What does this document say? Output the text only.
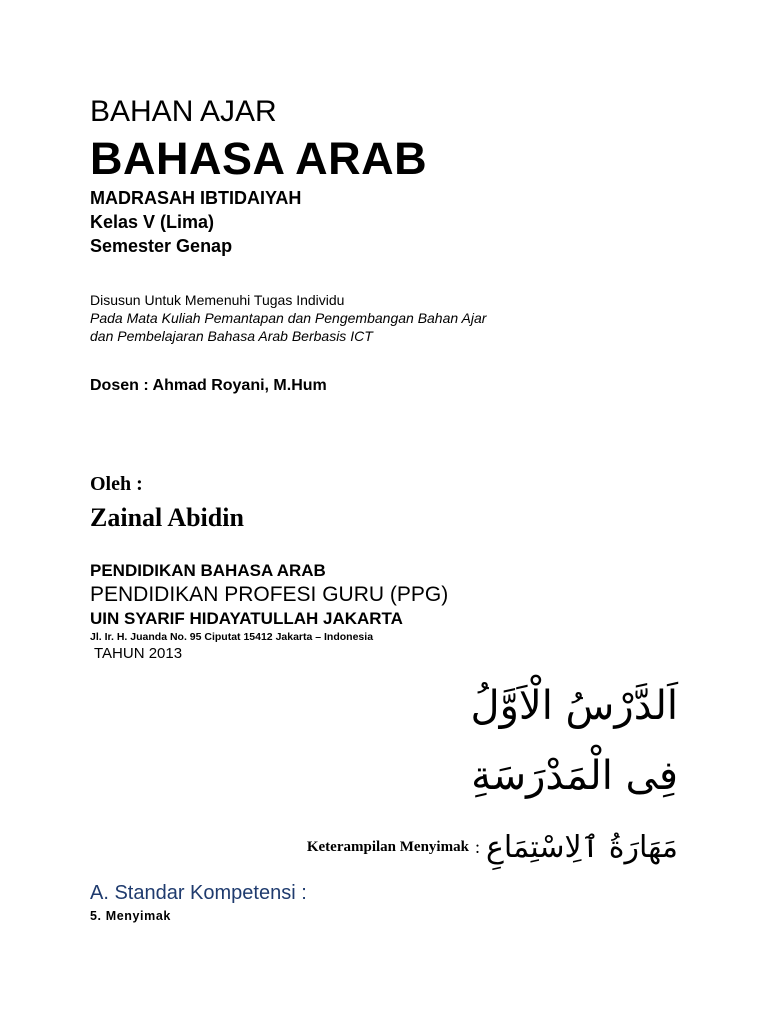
BAHAN AJAR
BAHASA ARAB
MADRASAH IBTIDAIYAH
Kelas V (Lima)
Semester Genap
Disusun Untuk Memenuhi Tugas Individu
Pada Mata Kuliah Pemantapan dan Pengembangan Bahan Ajar
dan Pembelajaran Bahasa Arab Berbasis ICT
Dosen : Ahmad Royani, M.Hum
Oleh :
Zainal Abidin
PENDIDIKAN BAHASA ARAB
PENDIDIKAN PROFESI GURU (PPG)
UIN SYARIF HIDAYATULLAH JAKARTA
Jl. Ir. H. Juanda No. 95 Ciputat 15412 Jakarta – Indonesia
TAHUN 2013
اَلدَّرْسُ الْاَوَّلُ
فِى الْمَدْرَسَةِ
Keterampilan Menyimak : مَهَارَةُ ٱلِاسْتِمَاعِ
A. Standar Kompetensi :
5. Menyimak
